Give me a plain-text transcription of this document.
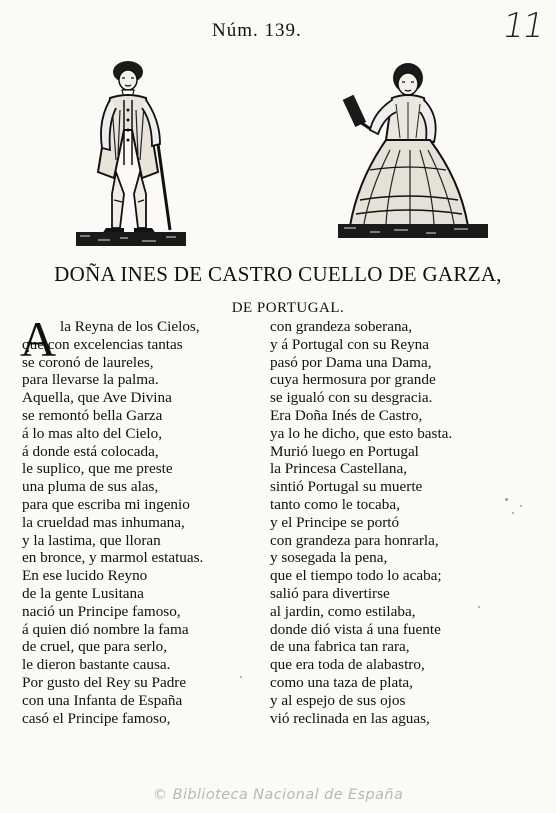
Núm. 139.	11
DOÑA INES DE CASTRO CUELLO DE GARZA,
DE PORTUGAL.
A la Reyna de los Cielos,
que con excelencias tantas
se coronó de laureles,
para llevarse la palma.
Aquella, que Ave Divina
se remontó bella Garza
á lo mas alto del Cielo,
á donde está colocada,
le suplico, que me preste
una pluma de sus alas,
para que escriba mi ingenio
la crueldad mas inhumana,
y la lastima, que lloran
en bronce, y marmol estatuas.
En ese lucido Reyno
de la gente Lusitana
nació un Principe famoso,
á quien dió nombre la fama
de cruel, que para serlo,
le dieron bastante causa.
Por gusto del Rey su Padre
con una Infanta de España
casó el Principe famoso,
con grandeza soberana,
y á Portugal con su Reyna
pasó por Dama una Dama,
cuya hermosura por grande
se igualó con su desgracia.
Era Doña Inés de Castro,
ya lo he dicho, que esto basta.
Murió luego en Portugal
la Princesa Castellana,
sintió Portugal su muerte
tanto como le tocaba,
y el Principe se portó
con grandeza para honrarla,
y sosegada la pena,
que el tiempo todo lo acaba;
salió para divertirse
al jardin, como estilaba,
donde dió vista á una fuente
de una fabrica tan rara,
que era toda de alabastro,
como una taza de plata,
y al espejo de sus ojos
vió reclinada en las aguas,
© Biblioteca Nacional de España
